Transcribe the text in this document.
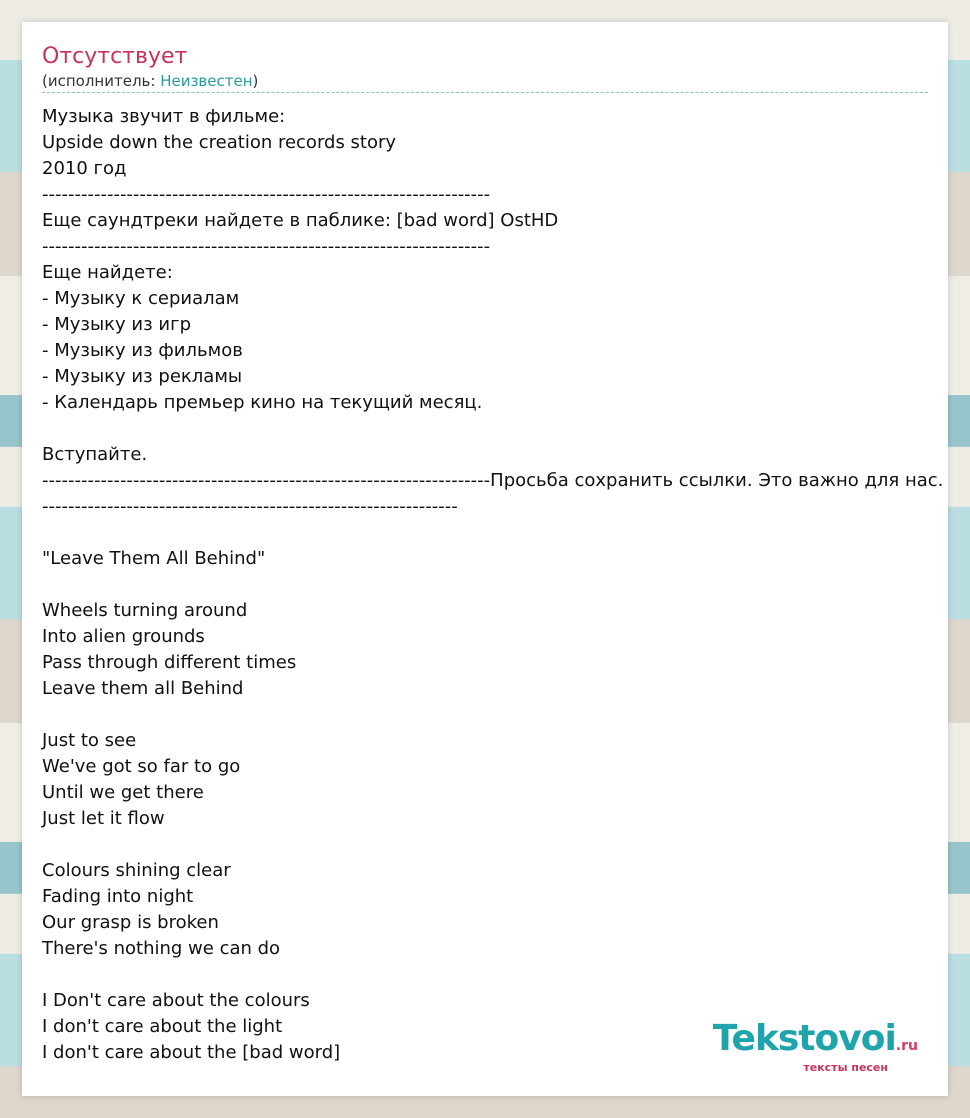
Отсутствует
(исполнитель: Неизвестен)
Музыка звучит в фильме:
Upside down the creation records story
2010 год
---------------------------------------------------------------------
Еще саундтреки найдете в паблике: [bad word] OstHD
---------------------------------------------------------------------
Еще найдете:
- Музыку к сериалам
- Музыку из игр
- Музыку из фильмов
- Музыку из рекламы
- Календарь премьер кино на текущий месяц.

Вступайте.
---------------------------------------------------------------------Просьба сохранить ссылки. Это важно для нас.
----------------------------------------------------------------

"Leave Them All Behind"

Wheels turning around
Into alien grounds
Pass through different times
Leave them all Behind

Just to see
We've got so far to go
Until we get there
Just let it flow

Colours shining clear
Fading into night
Our grasp is broken
There's nothing we can do

I Don't care about the colours
I don't care about the light
I don't care about the [bad word]	Tekstovoi.ru
тексты песен
